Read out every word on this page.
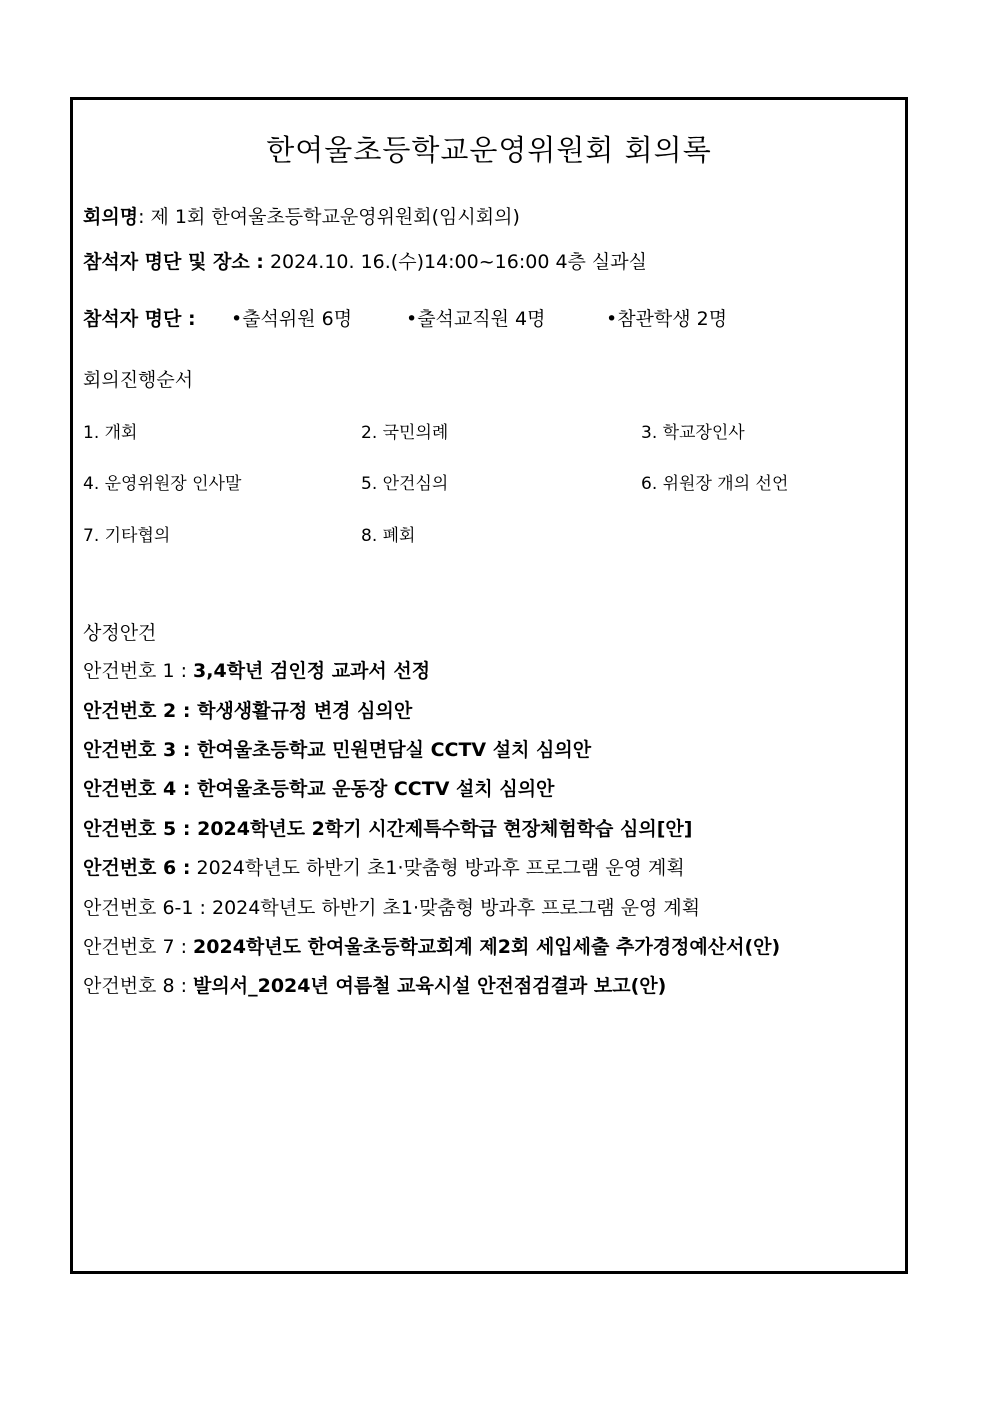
한여울초등학교운영위원회 회의록
회의명: 제 1회 한여울초등학교운영위원회(임시회의)
참석자 명단 및 장소 : 2024.10. 16.(수)14:00~16:00 4층 실과실
참석자 명단 : •출석위원 6명	•출석교직원 4명	•참관학생 2명
회의진행순서
1. 개회	2. 국민의례	3. 학교장인사
4. 운영위원장 인사말	5. 안건심의	6. 위원장 개의 선언
7. 기타협의	8. 폐회
상정안건
안건번호 1 : 3,4학년 검인정 교과서 선정
안건번호 2 : 학생생활규정 변경 심의안
안건번호 3 : 한여울초등학교 민원면담실 CCTV 설치 심의안
안건번호 4 : 한여울초등학교 운동장 CCTV 설치 심의안
안건번호 5 : 2024학년도 2학기 시간제특수학급 현장체험학습 심의[안]
안건번호 6 : 2024학년도 하반기 초1·맞춤형 방과후 프로그램 운영 계획
안건번호 6-1 : 2024학년도 하반기 초1·맞춤형 방과후 프로그램 운영 계획
안건번호 7 : 2024학년도 한여울초등학교회계 제2회 세입세출 추가경정예산서(안)
안건번호 8 : 발의서_2024년 여름철 교육시설 안전점검결과 보고(안)
